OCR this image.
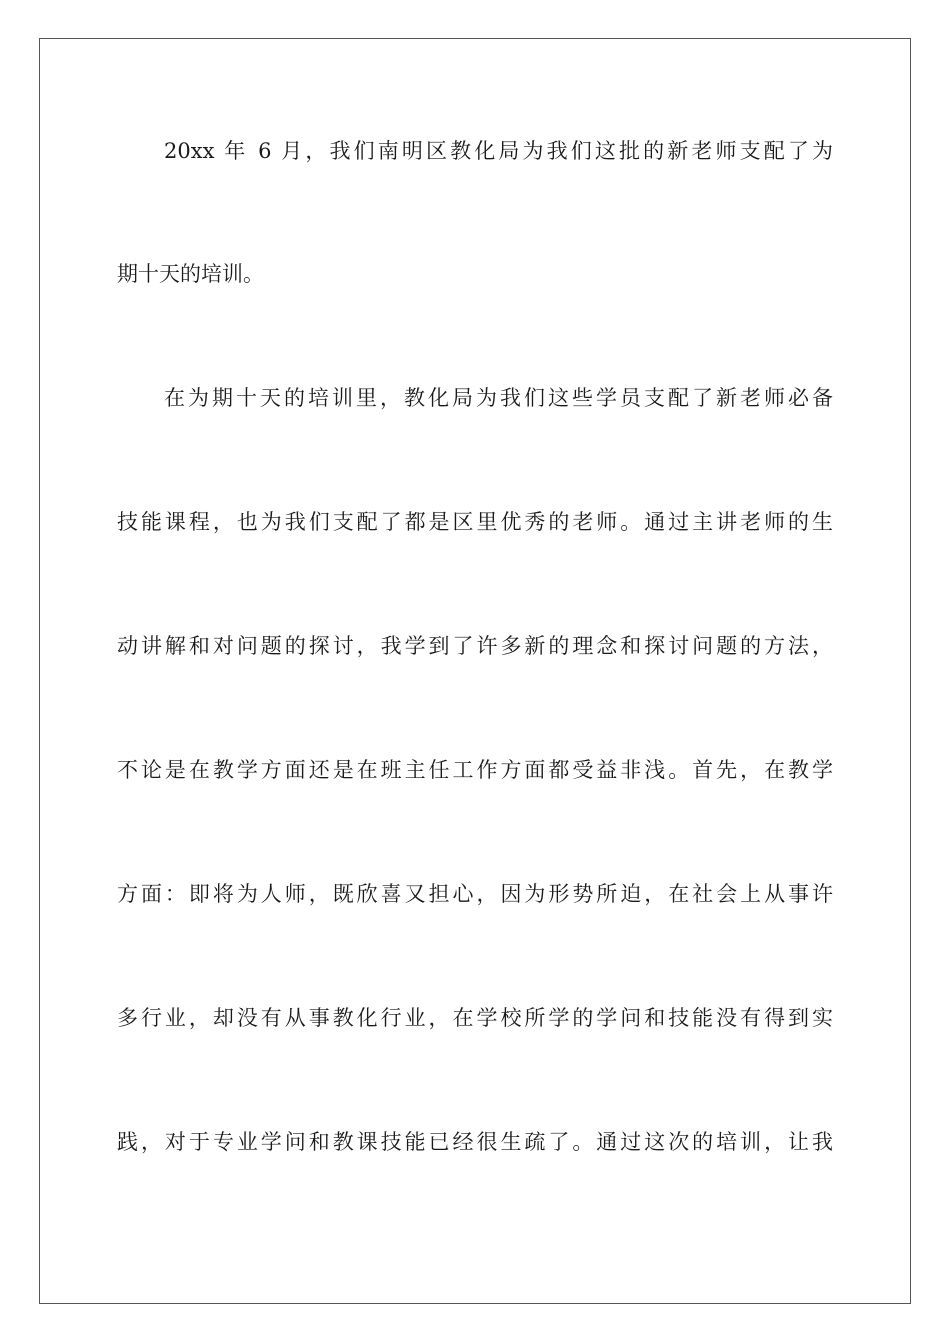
20xx 年 6 月，我们南明区教化局为我们这批的新老师支配了为
期十天的培训。
在为期十天的培训里，教化局为我们这些学员支配了新老师必备
技能课程，也为我们支配了都是区里优秀的老师。通过主讲老师的生
动讲解和对问题的探讨，我学到了许多新的理念和探讨问题的方法，
不论是在教学方面还是在班主任工作方面都受益非浅。首先，在教学
方面：即将为人师，既欣喜又担心，因为形势所迫，在社会上从事许
多行业，却没有从事教化行业，在学校所学的学问和技能没有得到实
践，对于专业学问和教课技能已经很生疏了。通过这次的培训，让我
